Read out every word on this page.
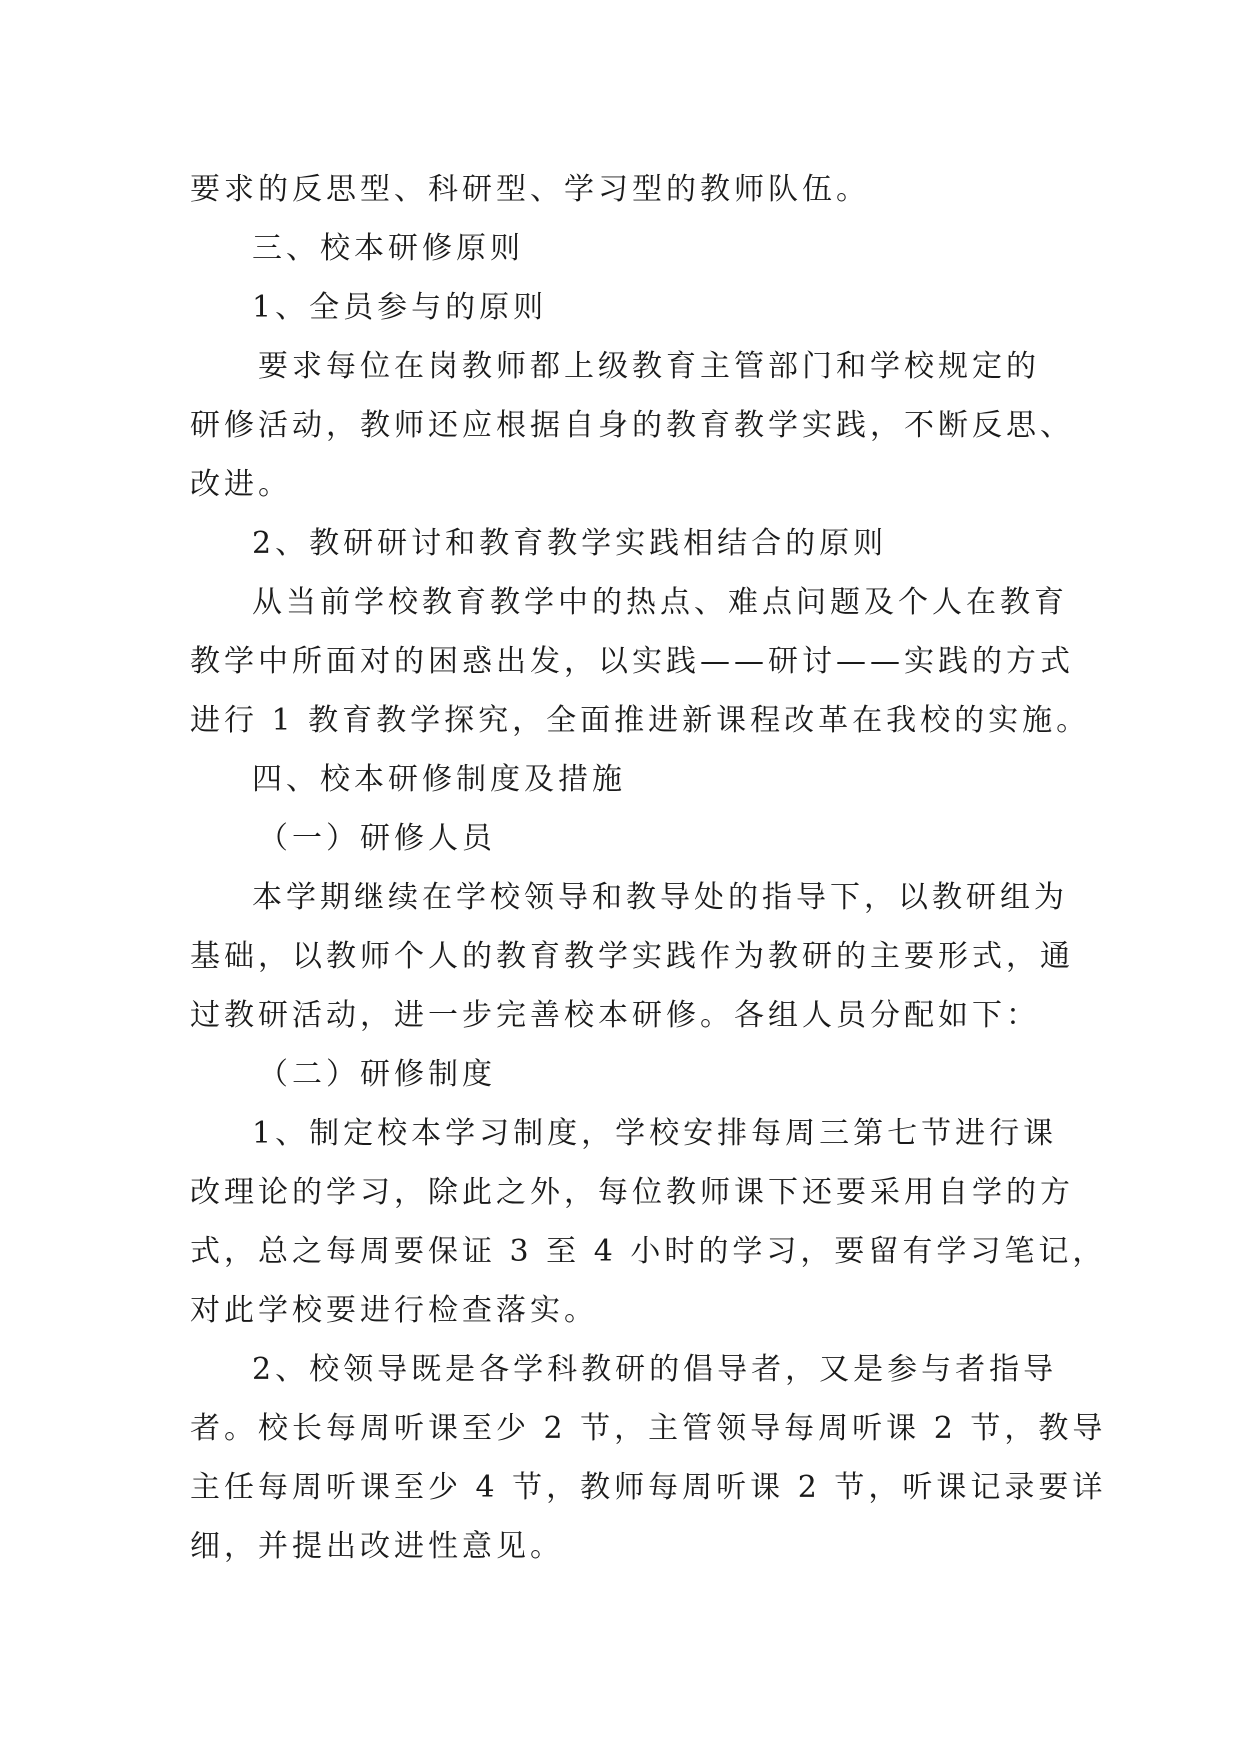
要求的反思型、科研型、学习型的教师队伍。
三、校本研修原则
1、全员参与的原则
要求每位在岗教师都上级教育主管部门和学校规定的
研修活动，教师还应根据自身的教育教学实践，不断反思、
改进。
2、教研研讨和教育教学实践相结合的原则
从当前学校教育教学中的热点、难点问题及个人在教育
教学中所面对的困惑出发，以实践——研讨——实践的方式
进行 1 教育教学探究，全面推进新课程改革在我校的实施。
四、校本研修制度及措施
（一）研修人员
本学期继续在学校领导和教导处的指导下，以教研组为
基础，以教师个人的教育教学实践作为教研的主要形式，通
过教研活动，进一步完善校本研修。各组人员分配如下：
（二）研修制度
1、制定校本学习制度，学校安排每周三第七节进行课
改理论的学习，除此之外，每位教师课下还要采用自学的方
式，总之每周要保证 3 至 4 小时的学习，要留有学习笔记，
对此学校要进行检查落实。
2、校领导既是各学科教研的倡导者，又是参与者指导
者。校长每周听课至少 2 节，主管领导每周听课 2 节，教导
主任每周听课至少 4 节，教师每周听课 2 节，听课记录要详
细，并提出改进性意见。
